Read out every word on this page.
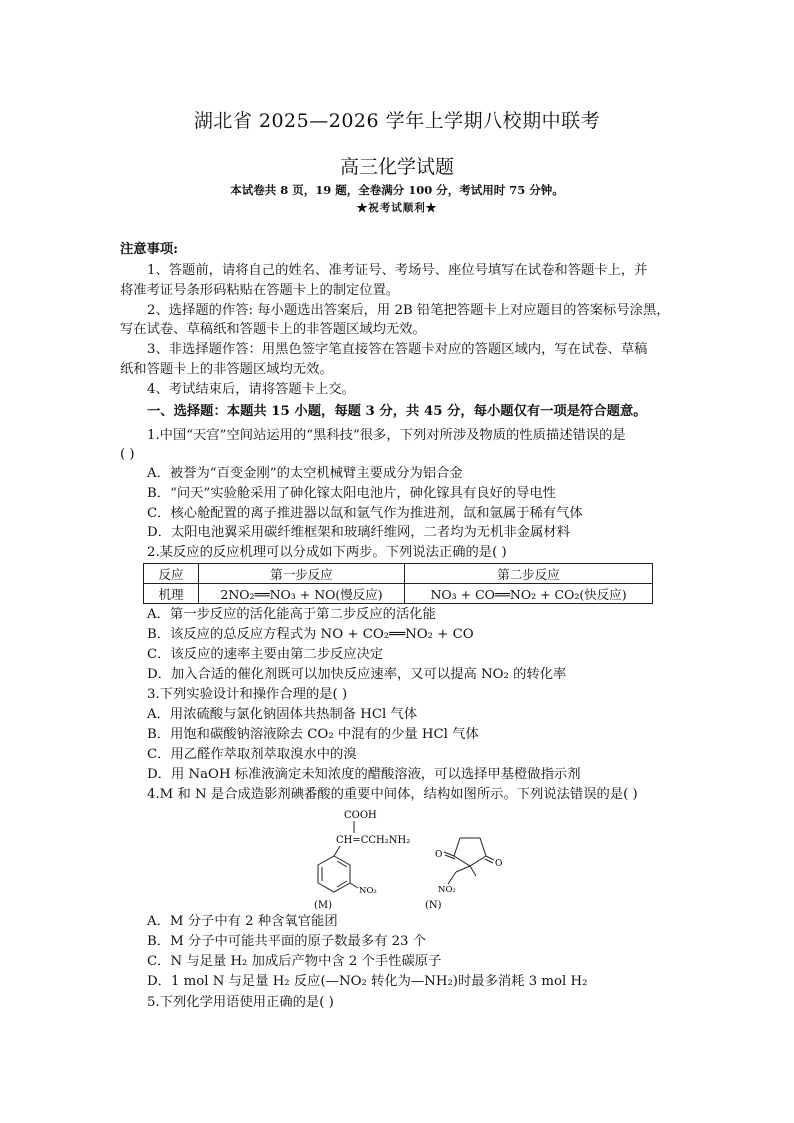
湖北省 2025—2026 学年上学期八校期中联考
高三化学试题
本试卷共 8 页，19 题，全卷满分 100 分，考试用时 75 分钟。
★祝考试顺利★
注意事项:
1、答题前，请将自己的姓名、准考证号、考场号、座位号填写在试卷和答题卡上，并
将准考证号条形码粘贴在答题卡上的制定位置。
2、选择题的作答: 每小题选出答案后，用 2B 铅笔把答题卡上对应题目的答案标号涂黑，
写在试卷、草稿纸和答题卡上的非答题区域均无效。
3、非选择题作答：用黑色签字笔直接答在答题卡对应的答题区域内，写在试卷、草稿
纸和答题卡上的非答题区域均无效。
4、考试结束后，请将答题卡上交。
一、选择题：本题共 15 小题，每题 3 分，共 45 分，每小题仅有一项是符合题意。
1.中国“天宫”空间站运用的“黑科技”很多，下列对所涉及物质的性质描述错误的是
( )
A．被誉为“百变金刚”的太空机械臂主要成分为铝合金
B．“问天”实验舱采用了砷化镓太阳电池片，砷化镓具有良好的导电性
C．核心舱配置的离子推进器以氙和氩气作为推进剂，氙和氩属于稀有气体
D．太阳电池翼采用碳纤维框架和玻璃纤维网，二者均为无机非金属材料
2.某反应的反应机理可以分成如下两步。下列说法正确的是( )
反应	第一步反应	第二步反应
机理	2NO₂══NO₃ + NO(慢反应)	NO₃ + CO══NO₂ + CO₂(快反应)
A．第一步反应的活化能高于第二步反应的活化能
B．该反应的总反应方程式为 NO + CO₂══NO₂ + CO
C．该反应的速率主要由第二步反应决定
D．加入合适的催化剂既可以加快反应速率，又可以提高 NO₂ 的转化率
3.下列实验设计和操作合理的是( )
A．用浓硫酸与氯化钠固体共热制备 HCl 气体
B．用饱和碳酸钠溶液除去 CO₂ 中混有的少量 HCl 气体
C．用乙醛作萃取剂萃取溴水中的溴
D．用 NaOH 标准液滴定未知浓度的醋酸溶液，可以选择甲基橙做指示剂
4.M 和 N 是合成造影剂碘番酸的重要中间体，结构如图所示。下列说法错误的是( )
COOH
CH=CCH₂NH₂
NO₂
(M)
O
O
NO₂
(N)
A．M 分子中有 2 种含氧官能团
B．M 分子中可能共平面的原子数最多有 23 个
C．N 与足量 H₂ 加成后产物中含 2 个手性碳原子
D．1 mol N 与足量 H₂ 反应(—NO₂ 转化为—NH₂)时最多消耗 3 mol H₂
5.下列化学用语使用正确的是( )
